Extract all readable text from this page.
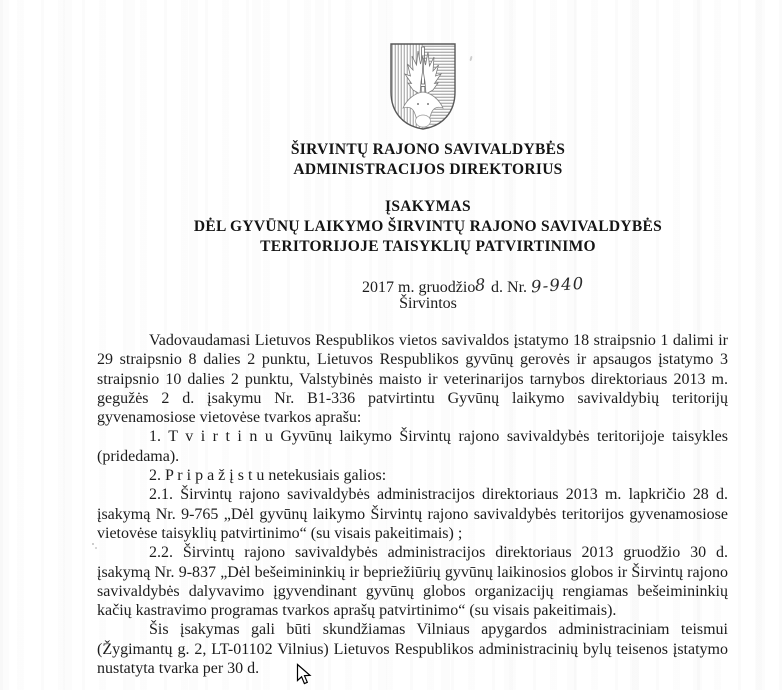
ŠIRVINTŲ RAJONO SAVIVALDYBĖS
ADMINISTRACIJOS DIREKTORIUS
ĮSAKYMAS
DĖL GYVŪNŲ LAIKYMO ŠIRVINTŲ RAJONO SAVIVALDYBĖS
TERITORIJOJE TAISYKLIŲ PATVIRTINIMO
2017 m. gruodžio8 d. Nr. 9-940
Širvintos

Vadovaudamasi Lietuvos Respublikos vietos savivaldos įstatymo 18 straipsnio 1 dalimi ir 29 straipsnio 8 dalies 2 punktu, Lietuvos Respublikos gyvūnų gerovės ir apsaugos įstatymo 3 straipsnio 10 dalies 2 punktu, Valstybinės maisto ir veterinarijos tarnybos direktoriaus 2013 m. gegužės 2 d. įsakymu Nr. B1-336 patvirtintu Gyvūnų laikymo savivaldybių teritorijų gyvenamosiose vietovėse tvarkos aprašu:

1. T v i r t i n u Gyvūnų laikymo Širvintų rajono savivaldybės teritorijoje taisykles (pridedama).

2. P r i p a ž į s t u netekusiais galios:

2.1. Širvintų rajono savivaldybės administracijos direktoriaus 2013 m. lapkričio 28 d. įsakymą Nr. 9-765 „Dėl gyvūnų laikymo Širvintų rajono savivaldybės teritorijos gyvenamosiose vietovėse taisyklių patvirtinimo“ (su visais pakeitimais) ;

2.2. Širvintų rajono savivaldybės administracijos direktoriaus 2013 gruodžio 30 d. įsakymą Nr. 9-837 „Dėl bešeimininkių ir bepriežiūrių gyvūnų laikinosios globos ir Širvintų rajono savivaldybės dalyvavimo įgyvendinant gyvūnų globos organizacijų rengiamas bešeimininkių kačių kastravimo programas tvarkos aprašų patvirtinimo“ (su visais pakeitimais).

Šis įsakymas gali būti skundžiamas Vilniaus apygardos administraciniam teismui (Žygimantų g. 2, LT-01102 Vilnius) Lietuvos Respublikos administracinių bylų teisenos įstatymo nustatyta tvarka per 30 d.
